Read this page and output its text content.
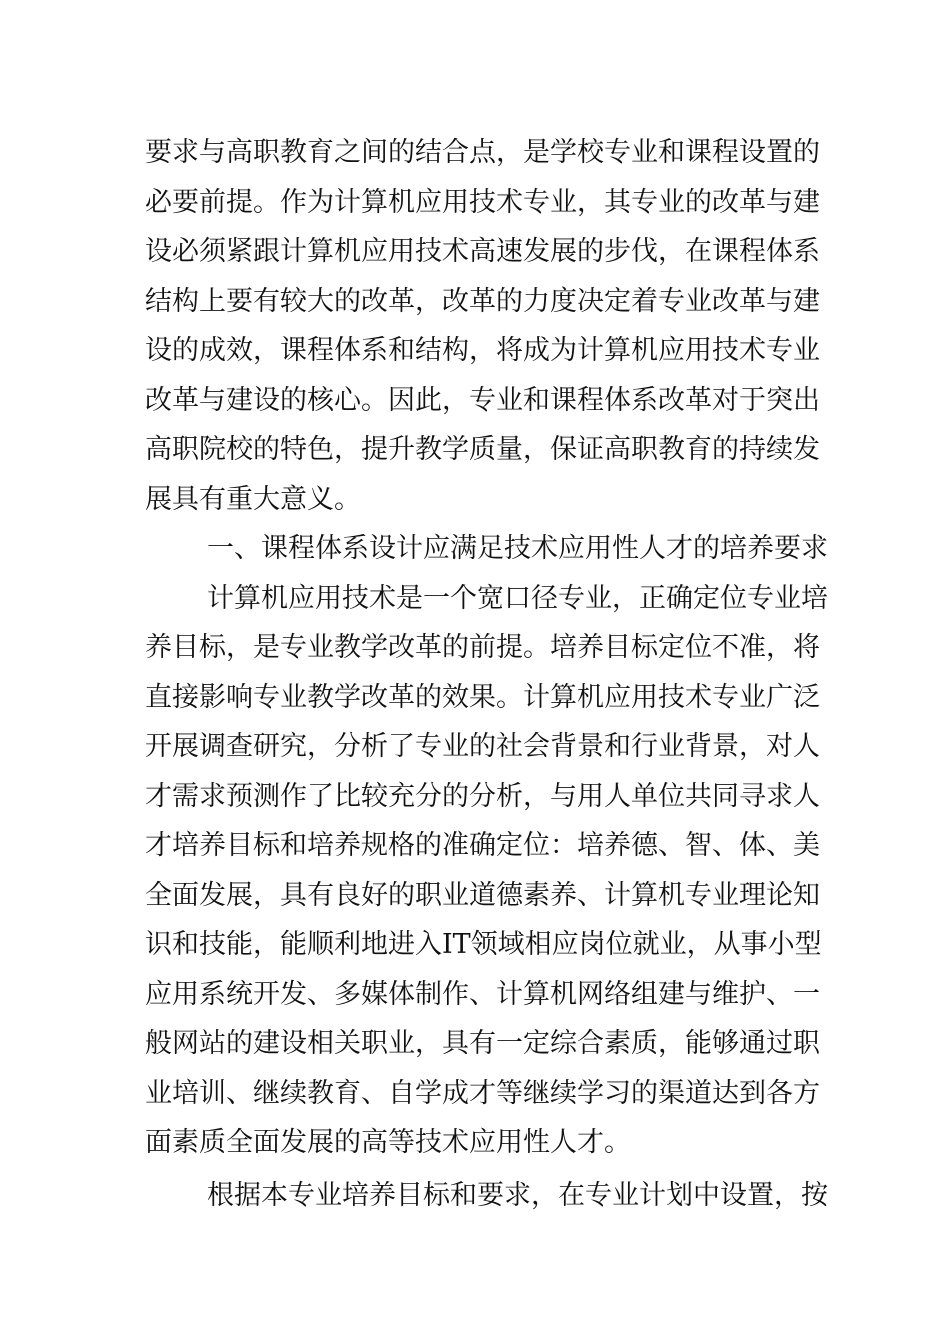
要求与高职教育之间的结合点，是学校专业和课程设置的
必要前提。作为计算机应用技术专业，其专业的改革与建
设必须紧跟计算机应用技术高速发展的步伐，在课程体系
结构上要有较大的改革，改革的力度决定着专业改革与建
设的成效，课程体系和结构，将成为计算机应用技术专业
改革与建设的核心。因此，专业和课程体系改革对于突出
高职院校的特色，提升教学质量，保证高职教育的持续发
展具有重大意义。

一、课程体系设计应满足技术应用性人才的培养要求

计算机应用技术是一个宽口径专业，正确定位专业培
养目标，是专业教学改革的前提。培养目标定位不准，将
直接影响专业教学改革的效果。计算机应用技术专业广泛
开展调查研究，分析了专业的社会背景和行业背景，对人
才需求预测作了比较充分的分析，与用人单位共同寻求人
才培养目标和培养规格的准确定位：培养德、智、体、美
全面发展，具有良好的职业道德素养、计算机专业理论知
识和技能，能顺利地进入IT领域相应岗位就业，从事小型
应用系统开发、多媒体制作、计算机网络组建与维护、一
般网站的建设相关职业，具有一定综合素质，能够通过职
业培训、继续教育、自学成才等继续学习的渠道达到各方
面素质全面发展的高等技术应用性人才。

根据本专业培养目标和要求，在专业计划中设置，按
